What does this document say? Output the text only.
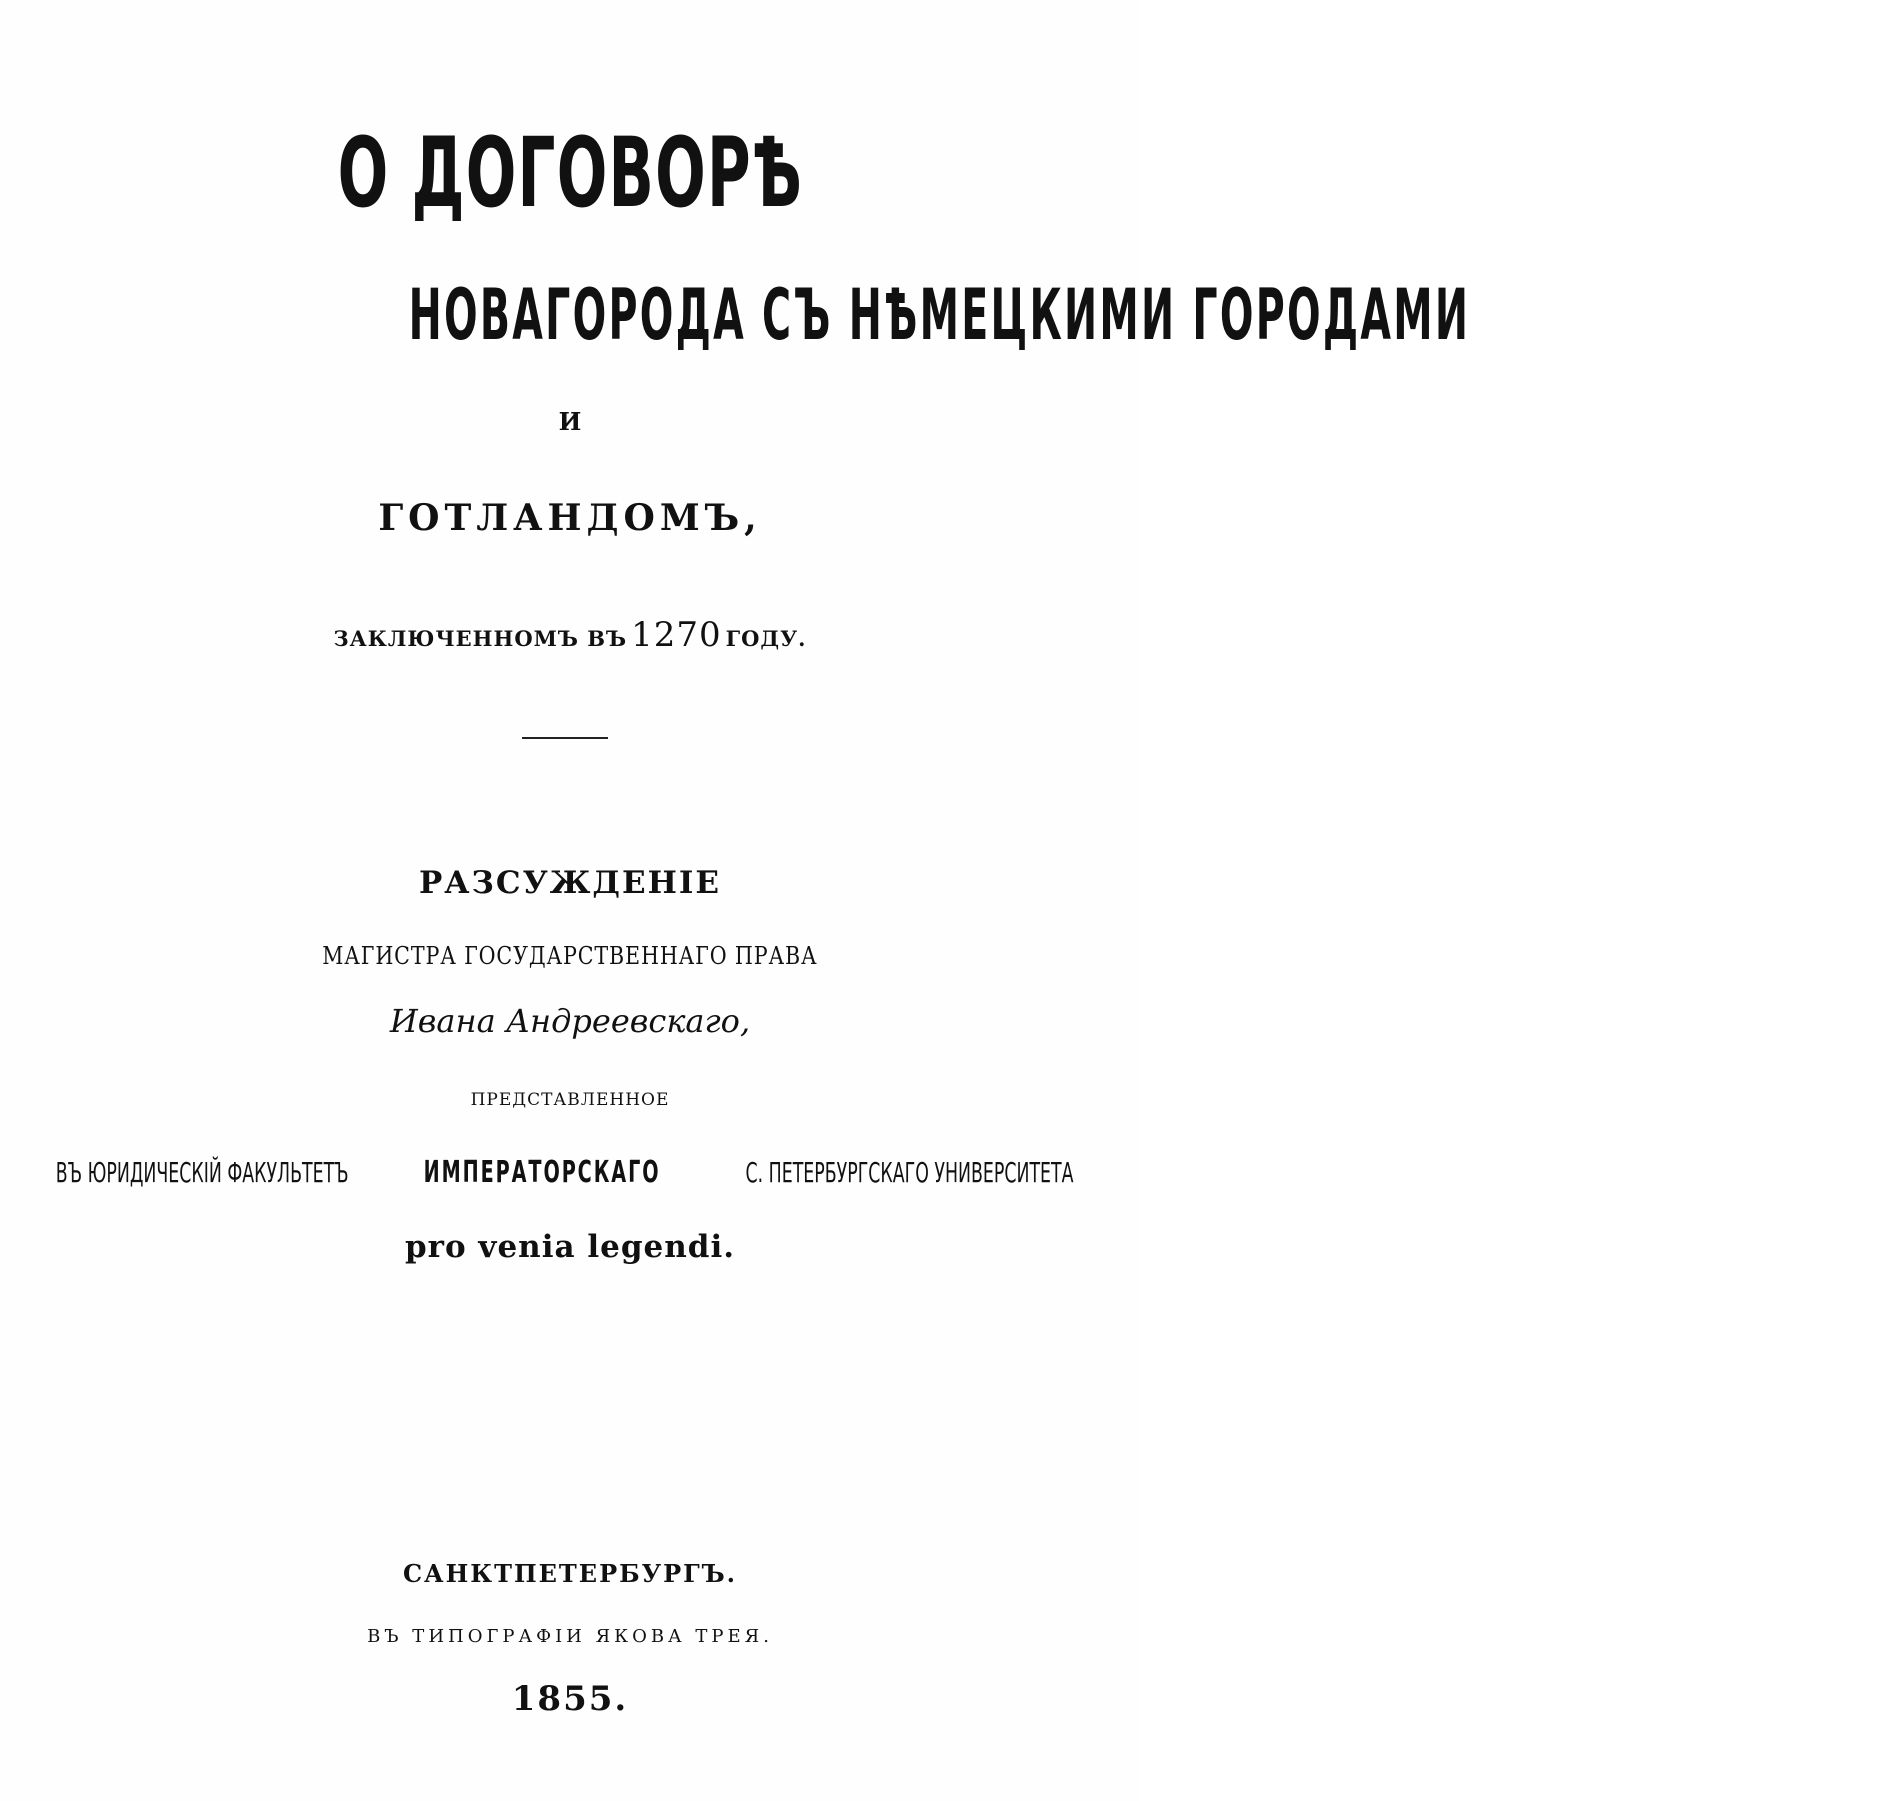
О ДОГОВОРѢ
НОВАГОРОДА СЪ НѢМЕЦКИМИ ГОРОДАМИ
И
ГОТЛАНДОМЪ,
ЗАКЛЮЧЕННОМЪ ВЪ 1270 ГОДУ.
РАЗСУЖДЕНІЕ
МАГИСТРА ГОСУДАРСТВЕННАГО ПРАВА
Ивана Андреевскаго,
ПРЕДСТАВЛЕННОЕ
ВЪ ЮРИДИЧЕСКІЙ ФАКУЛЬТЕТЪ ИМПЕРАТОРСКАГО	С. ПЕТЕРБУРГСКАГО УНИВЕРСИТЕТА
pro venia legendi.
САНКТПЕТЕРБУРГЪ.
ВЪ ТИПОГРАФІИ ЯКОВА ТРЕЯ.
1855.
